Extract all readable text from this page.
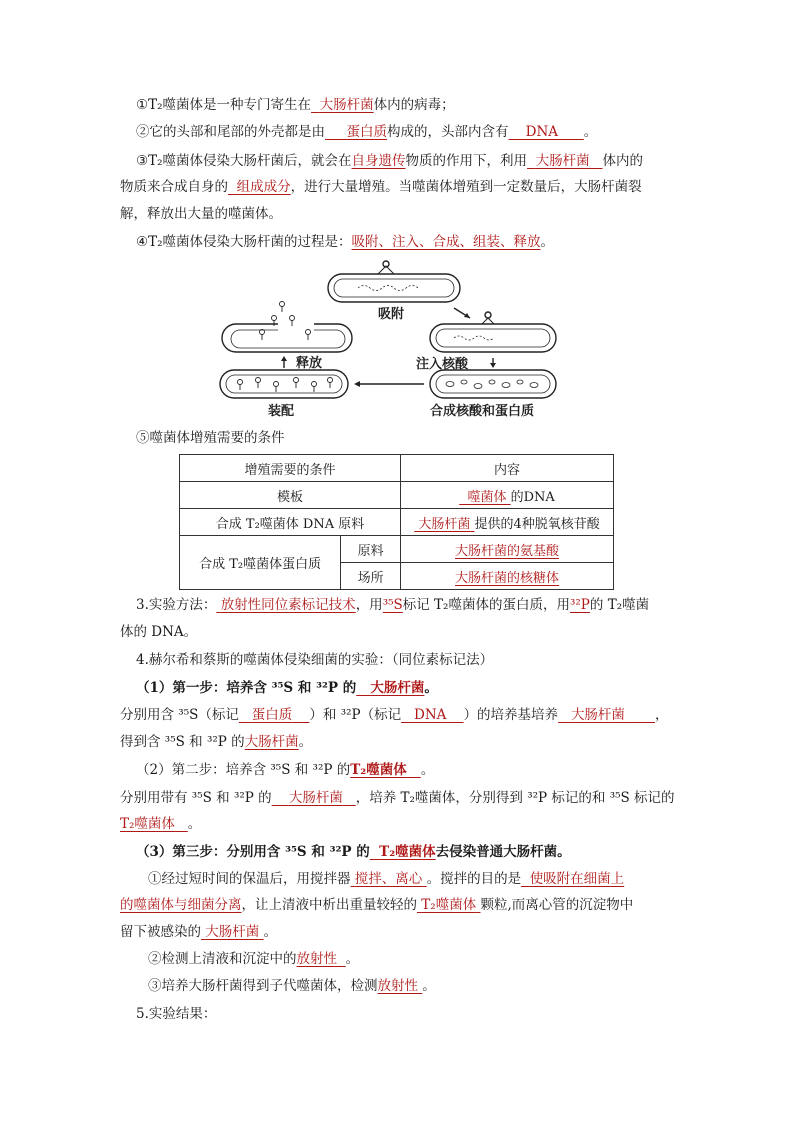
①T₂噬菌体是一种专门寄生在 大肠杆菌体内的病毒；
②它的头部和尾部的外壳都是由 蛋白质构成的，头部内含有 DNA 。
③T₂噬菌体侵染大肠杆菌后，就会在自身遗传物质的作用下，利用 大肠杆菌 体内的
物质来合成自身的 组成成分，进行大量增殖。当噬菌体增殖到一定数量后，大肠杆菌裂
解，释放出大量的噬菌体。
④T₂噬菌体侵染大肠杆菌的过程是：吸附、注入、合成、组装、释放。
吸附
注入核酸
合成核酸和蛋白质
装配
释放
⑤噬菌体增殖需要的条件
增殖需要的条件		内容
模板		噬菌体 的DNA
合成 T₂噬菌体 DNA 原料		大肠杆菌 提供的4种脱氧核苷酸
合成 T₂噬菌体蛋白质	原料	大肠杆菌的氨基酸
	场所	大肠杆菌的核糖体
3.实验方法： 放射性同位素标记技术，用³⁵S标记 T₂噬菌体的蛋白质，用³²P的 T₂噬菌
体的 DNA。
4.赫尔希和蔡斯的噬菌体侵染细菌的实验：（同位素标记法）
（1）第一步：培养含 ³⁵S 和 ³²P 的 大肠杆菌。
分别用含 ³⁵S（标记 蛋白质 ）和 ³²P（标记 DNA ）的培养基培养 大肠杆菌 ，
得到含 ³⁵S 和 ³²P 的大肠杆菌。
（2）第二步：培养含 ³⁵S 和 ³²P 的T₂噬菌体 。
分别用带有 ³⁵S 和 ³²P 的 大肠杆菌 ，培养 T₂噬菌体，分别得到 ³²P 标记的和 ³⁵S 标记的
T₂噬菌体 。
（3）第三步：分别用含 ³⁵S 和 ³²P 的 T₂噬菌体去侵染普通大肠杆菌。
①经过短时间的保温后，用搅拌器 搅拌、离心 。搅拌的目的是 使吸附在细菌上
的噬菌体与细菌分离，让上清液中析出重量较轻的 T₂噬菌体 颗粒,而离心管的沉淀物中
留下被感染的 大肠杆菌 。
②检测上清液和沉淀中的放射性 。
③培养大肠杆菌得到子代噬菌体，检测放射性 。
5.实验结果：
